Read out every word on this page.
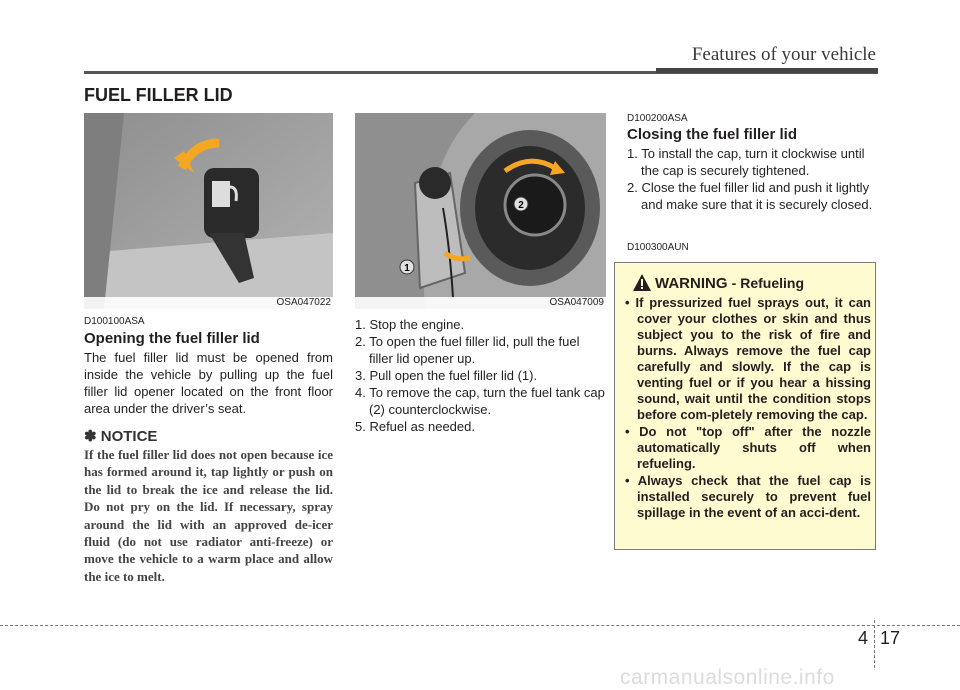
Features of your vehicle
FUEL FILLER LID
OSA047022
1
2
OSA047009
D100100ASA
Opening the fuel filler lid
The fuel filler lid must be opened from inside the vehicle by pulling up the fuel filler lid opener located on the front floor area under the driver’s seat.
✽ NOTICE
If the fuel filler lid does not open because ice has formed around it, tap lightly or push on the lid to break the ice and release the lid. Do not pry on the lid. If necessary, spray around the lid with an approved de-icer fluid (do not use radiator anti-freeze) or move the vehicle to a warm place and allow the ice to melt.
1. Stop the engine.
2. To open the fuel filler lid, pull the fuel filler lid opener up.
3. Pull open the fuel filler lid (1).
4. To remove the cap, turn the fuel tank cap (2) counterclockwise.
5. Refuel as needed.
D100200ASA
Closing the fuel filler lid
1. To install the cap, turn it clockwise until the cap is securely tightened.
2. Close the fuel filler lid and push it lightly and make sure that it is securely closed.
D100300AUN
WARNING - Refueling
• If pressurized fuel sprays out, it can cover your clothes or skin and thus subject you to the risk of fire and burns. Always remove the fuel cap carefully and slowly. If the cap is venting fuel or if you hear a hissing sound, wait until the condition stops before com-pletely removing the cap.
• Do not "top off" after the nozzle automatically shuts off when refueling.
• Always check that the fuel cap is installed securely to prevent fuel spillage in the event of an acci-dent.
4 17
carmanualsonline.info
